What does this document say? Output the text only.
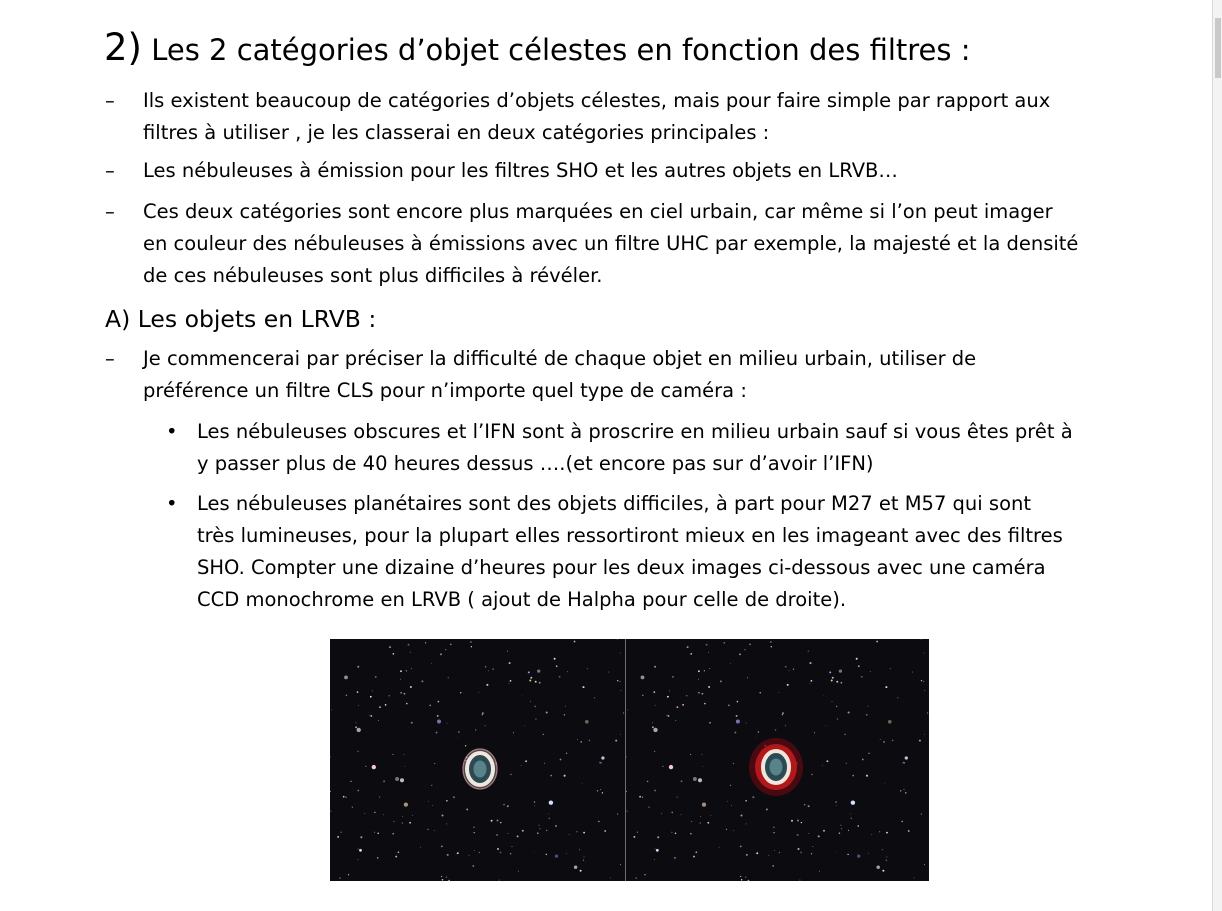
2) Les 2 catégories d’objet célestes en fonction des filtres :
– Ils existent beaucoup de catégories d’objets célestes, mais pour faire simple par rapport aux
filtres à utiliser , je les classerai en deux catégories principales :
– Les nébuleuses à émission pour les filtres SHO et les autres objets en LRVB…
– Ces deux catégories sont encore plus marquées en ciel urbain, car même si l’on peut imager
en couleur des nébuleuses à émissions avec un filtre UHC par exemple, la majesté et la densité
de ces nébuleuses sont plus difficiles à révéler.
A) Les objets en LRVB :
– Je commencerai par préciser la difficulté de chaque objet en milieu urbain, utiliser de
préférence un filtre CLS pour n’importe quel type de caméra :
• Les nébuleuses obscures et l’IFN sont à proscrire en milieu urbain sauf si vous êtes prêt à
y passer plus de 40 heures dessus ….(et encore pas sur d’avoir l’IFN)
• Les nébuleuses planétaires sont des objets difficiles, à part pour M27 et M57 qui sont
très lumineuses, pour la plupart elles ressortiront mieux en les imageant avec des filtres
SHO. Compter une dizaine d’heures pour les deux images ci-dessous avec une caméra
CCD monochrome en LRVB ( ajout de Halpha pour celle de droite).
